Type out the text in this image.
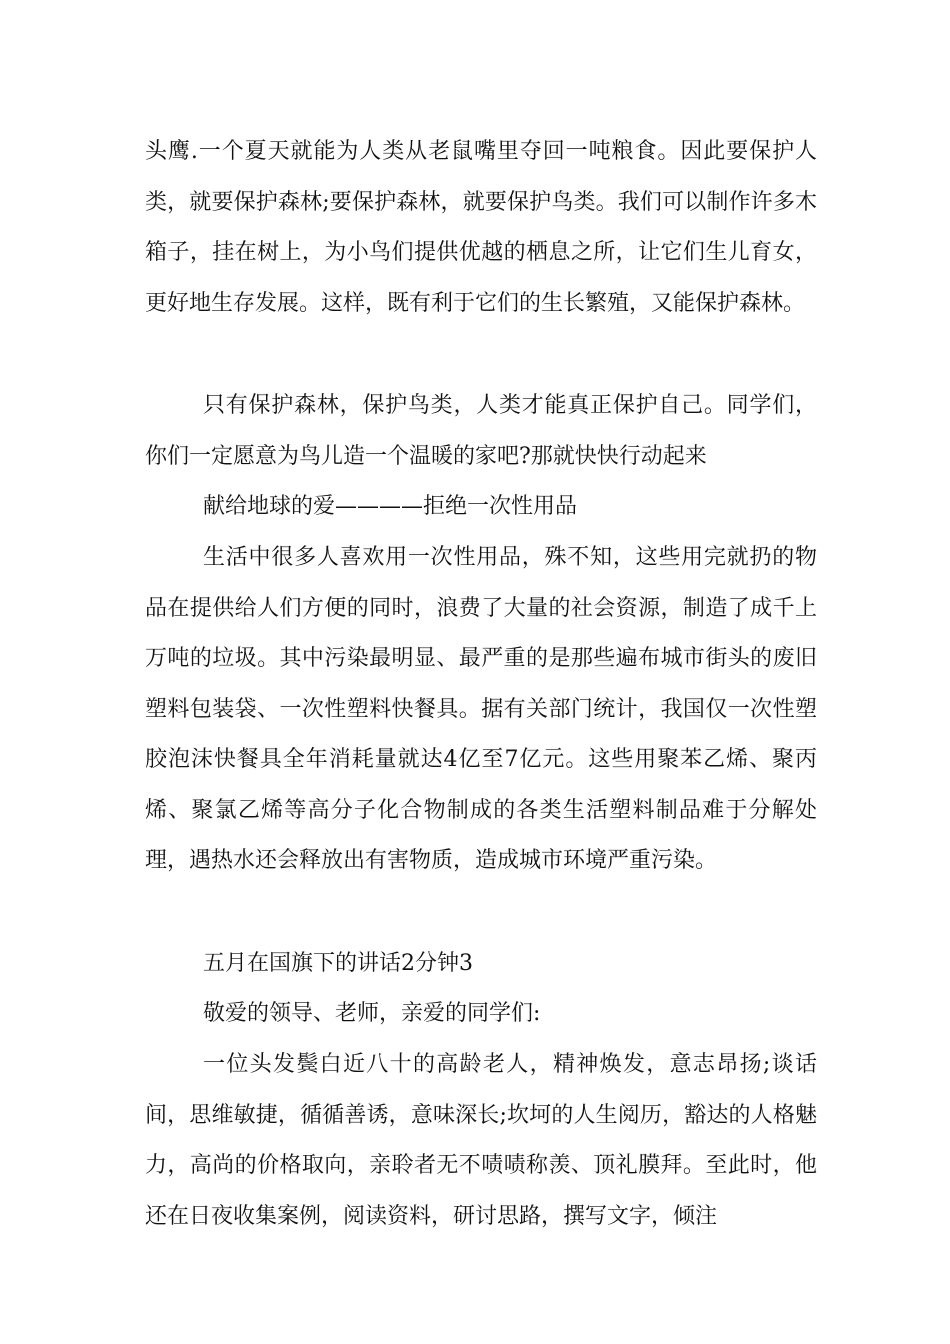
头鹰.一个夏天就能为人类从老鼠嘴里夺回一吨粮食。因此要保护人类，就要保护森林;要保护森林，就要保护鸟类。我们可以制作许多木箱子，挂在树上，为小鸟们提供优越的栖息之所，让它们生儿育女，更好地生存发展。这样，既有利于它们的生长繁殖，又能保护森林。

只有保护森林，保护鸟类，人类才能真正保护自己。同学们，你们一定愿意为鸟儿造一个温暖的家吧?那就快快行动起来

献给地球的爱————拒绝一次性用品

生活中很多人喜欢用一次性用品，殊不知，这些用完就扔的物品在提供给人们方便的同时，浪费了大量的社会资源，制造了成千上万吨的垃圾。其中污染最明显、最严重的是那些遍布城市街头的废旧塑料包装袋、一次性塑料快餐具。据有关部门统计，我国仅一次性塑胶泡沫快餐具全年消耗量就达4亿至7亿元。这些用聚苯乙烯、聚丙烯、聚氯乙烯等高分子化合物制成的各类生活塑料制品难于分解处理，遇热水还会释放出有害物质，造成城市环境严重污染。

五月在国旗下的讲话2分钟3

敬爱的领导、老师，亲爱的同学们:

一位头发鬓白近八十的高龄老人，精神焕发，意志昂扬;谈话间，思维敏捷，循循善诱，意味深长;坎坷的人生阅历，豁达的人格魅力，高尚的价格取向，亲聆者无不啧啧称羡、顶礼膜拜。至此时，他还在日夜收集案例，阅读资料，研讨思路，撰写文字，倾注
